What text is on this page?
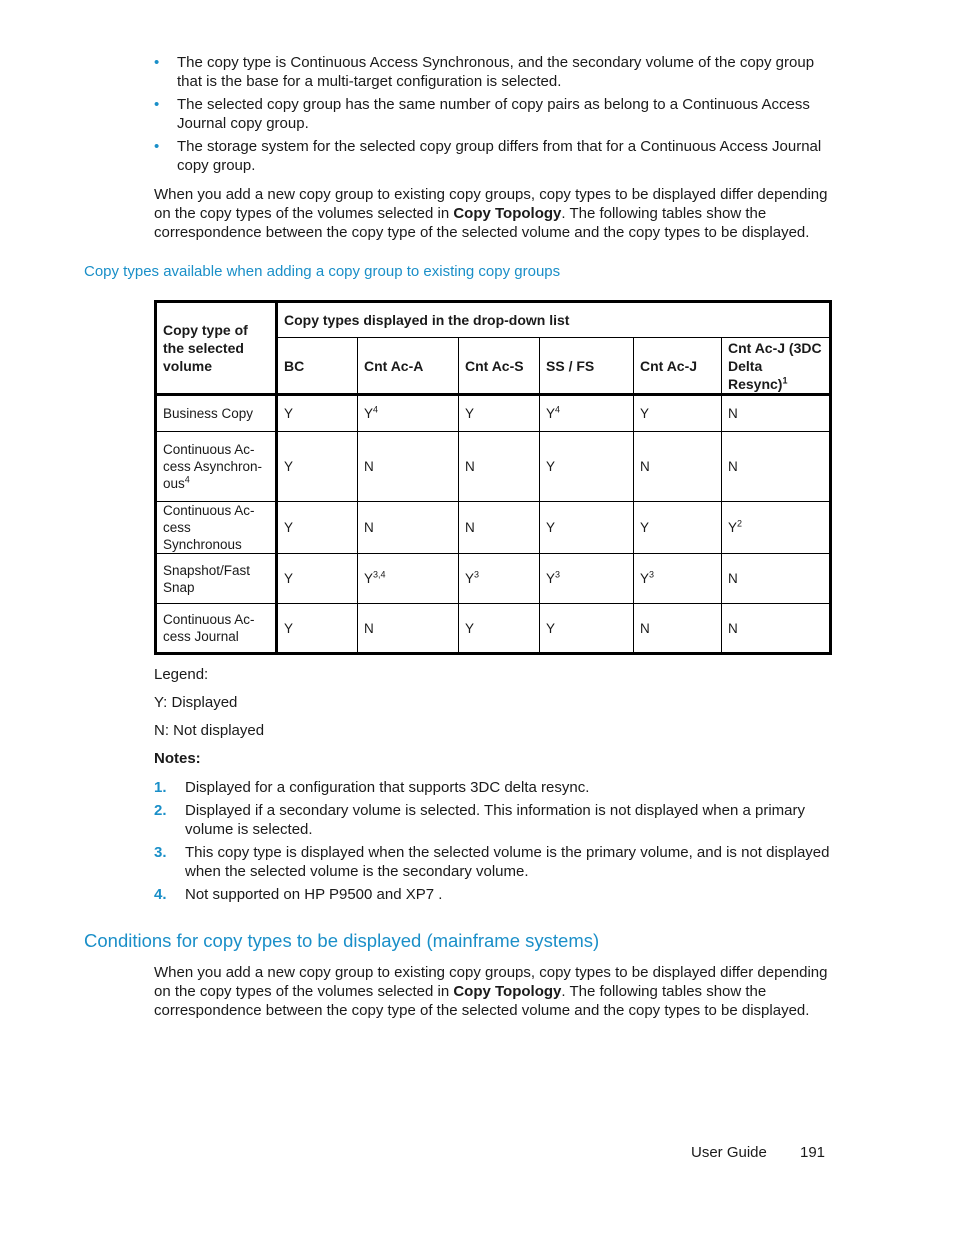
• The copy type is Continuous Access Synchronous, and the secondary volume of the copy group that is the base for a multi-target configuration is selected.
• The selected copy group has the same number of copy pairs as belong to a Continuous Access Journal copy group.
• The storage system for the selected copy group differs from that for a Continuous Access Journal copy group.

When you add a new copy group to existing copy groups, copy types to be displayed differ depending on the copy types of the volumes selected in Copy Topology. The following tables show the correspondence between the copy type of the selected volume and the copy types to be displayed.

Copy types available when adding a copy group to existing copy groups
Copy type of the selected volume	Copy types displayed in the drop-down list					
	BC	Cnt Ac-A	Cnt Ac-S	SS / FS	Cnt Ac-J	Cnt Ac-J (3DC Delta Resync)$^1$
Business Copy	Y	$Y^4$	Y	$Y^4$	Y	N
Continuous Ac-cess Asynchron-ous$^4$	Y	N	N	Y	N	N
Continuous Ac-cess Synchronous	Y	N	N	Y	Y	$Y^2$
Snapshot/Fast Snap	Y	Y$^{3,4}$	$Y^3$	$Y^3$	$Y^3$	N
Continuous Ac-cess Journal	Y	N	Y	Y	N	N
Legend:
Y: Displayed
N: Not displayed
Notes:
1. Displayed for a configuration that supports 3DC delta resync.
2. Displayed if a secondary volume is selected. This information is not displayed when a primary volume is selected.
3. This copy type is displayed when the selected volume is the primary volume, and is not displayed when the selected volume is the secondary volume.
4. Not supported on HP P9500 and XP7 .
Conditions for copy types to be displayed (mainframe systems)

When you add a new copy group to existing copy groups, copy types to be displayed differ depending on the copy types of the volumes selected in Copy Topology. The following tables show the correspondence between the copy type of the selected volume and the copy types to be displayed.

User Guide 191
